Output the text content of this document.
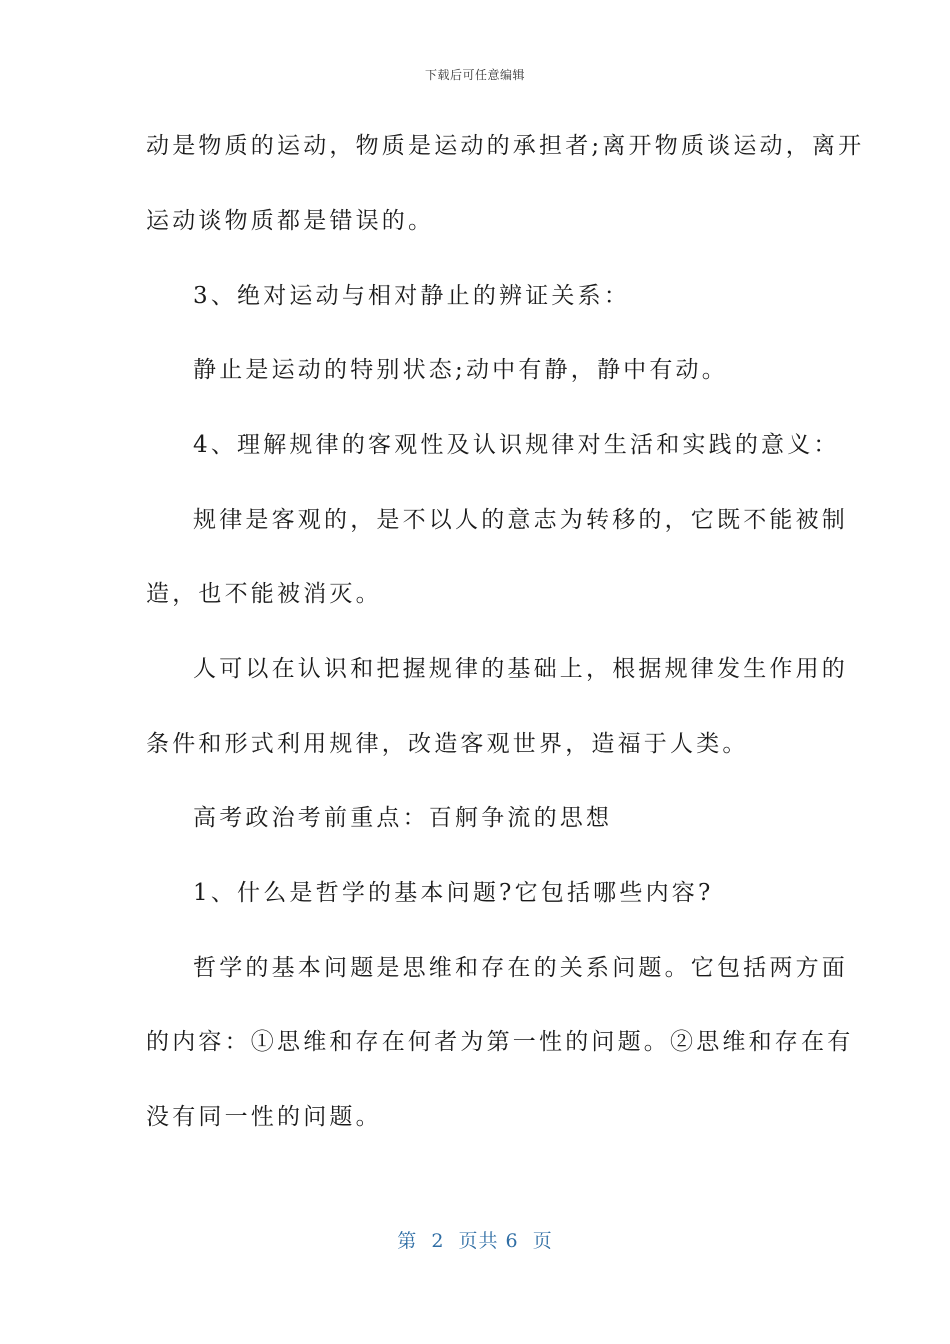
下载后可任意编辑
动是物质的运动，物质是运动的承担者;离开物质谈运动，离开
运动谈物质都是错误的。
3、绝对运动与相对静止的辨证关系：
静止是运动的特别状态;动中有静，静中有动。
4、理解规律的客观性及认识规律对生活和实践的意义：
规律是客观的，是不以人的意志为转移的，它既不能被制
造，也不能被消灭。
人可以在认识和把握规律的基础上，根据规律发生作用的
条件和形式利用规律，改造客观世界，造福于人类。
高考政治考前重点：百舸争流的思想
1、什么是哲学的基本问题?它包括哪些内容?
哲学的基本问题是思维和存在的关系问题。它包括两方面
的内容：①思维和存在何者为第一性的问题。②思维和存在有
没有同一性的问题。
第  2  页共 6  页
